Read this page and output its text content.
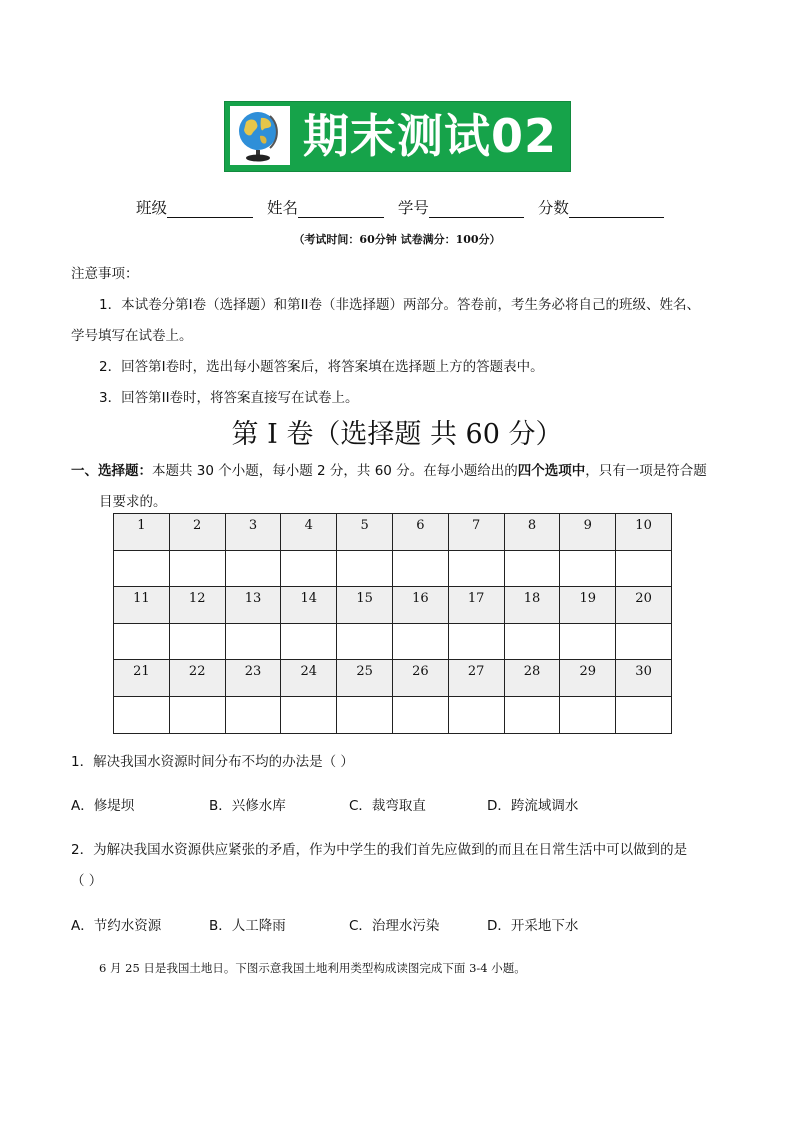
期末测试02
班级	姓名	学号	分数
（考试时间：60分钟 试卷满分：100分）
注意事项：
1．本试卷分第I卷（选择题）和第II卷（非选择题）两部分。答卷前，考生务必将自己的班级、姓名、
学号填写在试卷上。
2．回答第I卷时，选出每小题答案后，将答案填在选择题上方的答题表中。
3．回答第II卷时，将答案直接写在试卷上。
第 I 卷（选择题 共 60 分）
一、选择题：本题共 30 个小题，每小题 2 分，共 60 分。在每小题给出的四个选项中，只有一项是符合题
目要求的。
1	2	3	4	5	6	7	8	9	10

11	12	13	14	15	16	17	18	19	20

21	22	23	24	25	26	27	28	29	30

1．解决我国水资源时间分布不均的办法是（ ）
A．修堤坝	B．兴修水库	C．裁弯取直	D．跨流域调水
2．为解决我国水资源供应紧张的矛盾，作为中学生的我们首先应做到的而且在日常生活中可以做到的是
（ ）
A．节约水资源	B．人工降雨	C．治理水污染	D．开采地下水
6 月 25 日是我国土地日。下图示意我国土地利用类型构成读图完成下面 3-4 小题。
